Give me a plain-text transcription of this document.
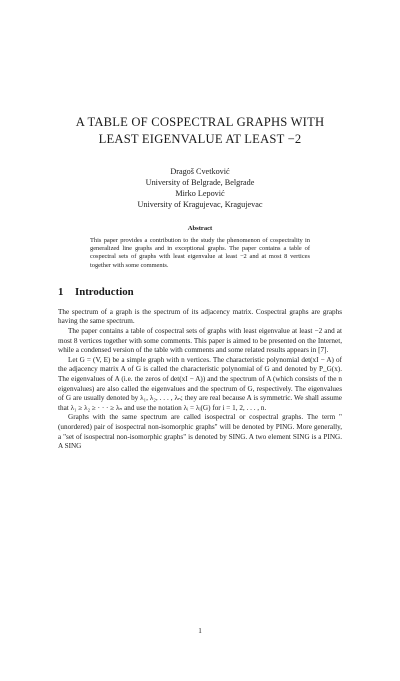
A TABLE OF COSPECTRAL GRAPHS WITH
LEAST EIGENVALUE AT LEAST −2
Dragoš Cvetković
University of Belgrade, Belgrade
Mirko Lepović
University of Kragujevac, Kragujevac
Abstract
This paper provides a contribution to the study the phenomenon of cospectrality in generalized line graphs and in exceptional graphs. The paper contains a table of cospectral sets of graphs with least eigenvalue at least −2 and at most 8 vertices together with some comments.
1 Introduction

The spectrum of a graph is the spectrum of its adjacency matrix. Cospectral graphs are graphs having the same spectrum.

The paper contains a table of cospectral sets of graphs with least eigenvalue at least −2 and at most 8 vertices together with some comments. This paper is aimed to be presented on the Internet, while a condensed version of the table with comments and some related results appears in [7].

Let G = (V, E) be a simple graph with n vertices. The characteristic polynomial det(xI − A) of the adjacency matrix A of G is called the characteristic polynomial of G and denoted by P_G(x). The eigenvalues of A (i.e. the zeros of det(xI − A)) and the spectrum of A (which consists of the n eigenvalues) are also called the eigenvalues and the spectrum of G, respectively. The eigenvalues of G are usually denoted by λ₁, λ₂, . . . , λₙ; they are real because A is symmetric. We shall assume that λ₁ ≥ λ₂ ≥ · · · ≥ λₙ and use the notation λᵢ = λᵢ(G) for i = 1, 2, . . . , n.

Graphs with the same spectrum are called isospectral or cospectral graphs. The term "(unordered) pair of isospectral non-isomorphic graphs" will be denoted by PING. More generally, a "set of isospectral non-isomorphic graphs" is denoted by SING. A two element SING is a PING. A SING

1
